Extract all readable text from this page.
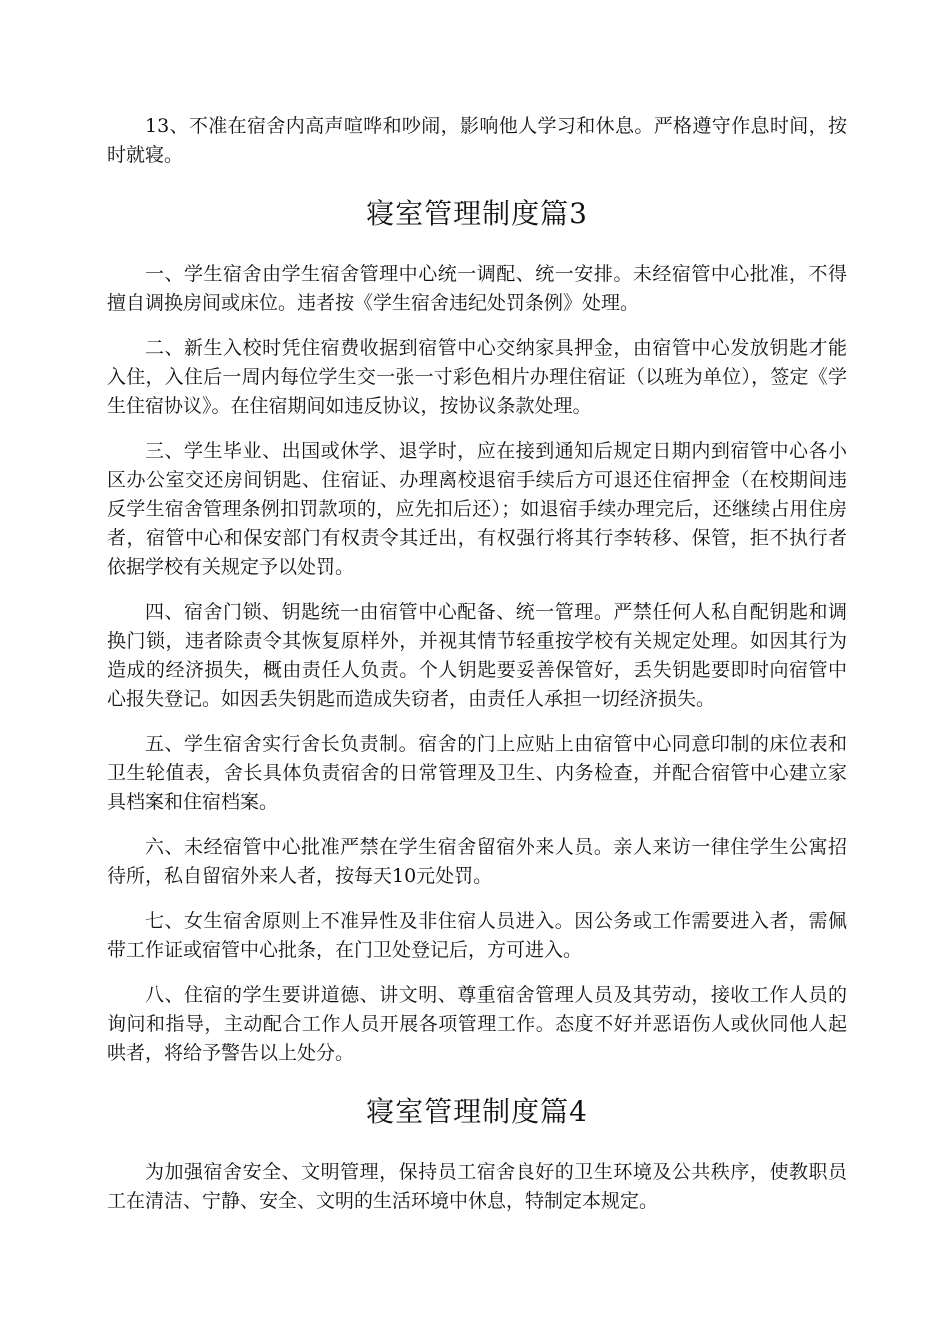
13、不准在宿舍内高声喧哗和吵闹，影响他人学习和休息。严格遵守作息时间，按时就寝。

寝室管理制度篇3

一、学生宿舍由学生宿舍管理中心统一调配、统一安排。未经宿管中心批准，不得擅自调换房间或床位。违者按《学生宿舍违纪处罚条例》处理。

二、新生入校时凭住宿费收据到宿管中心交纳家具押金，由宿管中心发放钥匙才能入住，入住后一周内每位学生交一张一寸彩色相片办理住宿证（以班为单位），签定《学生住宿协议》。在住宿期间如违反协议，按协议条款处理。

三、学生毕业、出国或休学、退学时，应在接到通知后规定日期内到宿管中心各小区办公室交还房间钥匙、住宿证、办理离校退宿手续后方可退还住宿押金（在校期间违反学生宿舍管理条例扣罚款项的，应先扣后还）；如退宿手续办理完后，还继续占用住房者，宿管中心和保安部门有权责令其迁出，有权强行将其行李转移、保管，拒不执行者依据学校有关规定予以处罚。

四、宿舍门锁、钥匙统一由宿管中心配备、统一管理。严禁任何人私自配钥匙和调换门锁，违者除责令其恢复原样外，并视其情节轻重按学校有关规定处理。如因其行为造成的经济损失，概由责任人负责。个人钥匙要妥善保管好，丢失钥匙要即时向宿管中心报失登记。如因丢失钥匙而造成失窃者，由责任人承担一切经济损失。

五、学生宿舍实行舍长负责制。宿舍的门上应贴上由宿管中心同意印制的床位表和卫生轮值表，舍长具体负责宿舍的日常管理及卫生、内务检查，并配合宿管中心建立家具档案和住宿档案。

六、未经宿管中心批准严禁在学生宿舍留宿外来人员。亲人来访一律住学生公寓招待所，私自留宿外来人者，按每天10元处罚。

七、女生宿舍原则上不准异性及非住宿人员进入。因公务或工作需要进入者，需佩带工作证或宿管中心批条，在门卫处登记后，方可进入。

八、住宿的学生要讲道德、讲文明、尊重宿舍管理人员及其劳动，接收工作人员的询问和指导，主动配合工作人员开展各项管理工作。态度不好并恶语伤人或伙同他人起哄者，将给予警告以上处分。

寝室管理制度篇4

为加强宿舍安全、文明管理，保持员工宿舍良好的卫生环境及公共秩序，使教职员工在清洁、宁静、安全、文明的生活环境中休息，特制定本规定。
